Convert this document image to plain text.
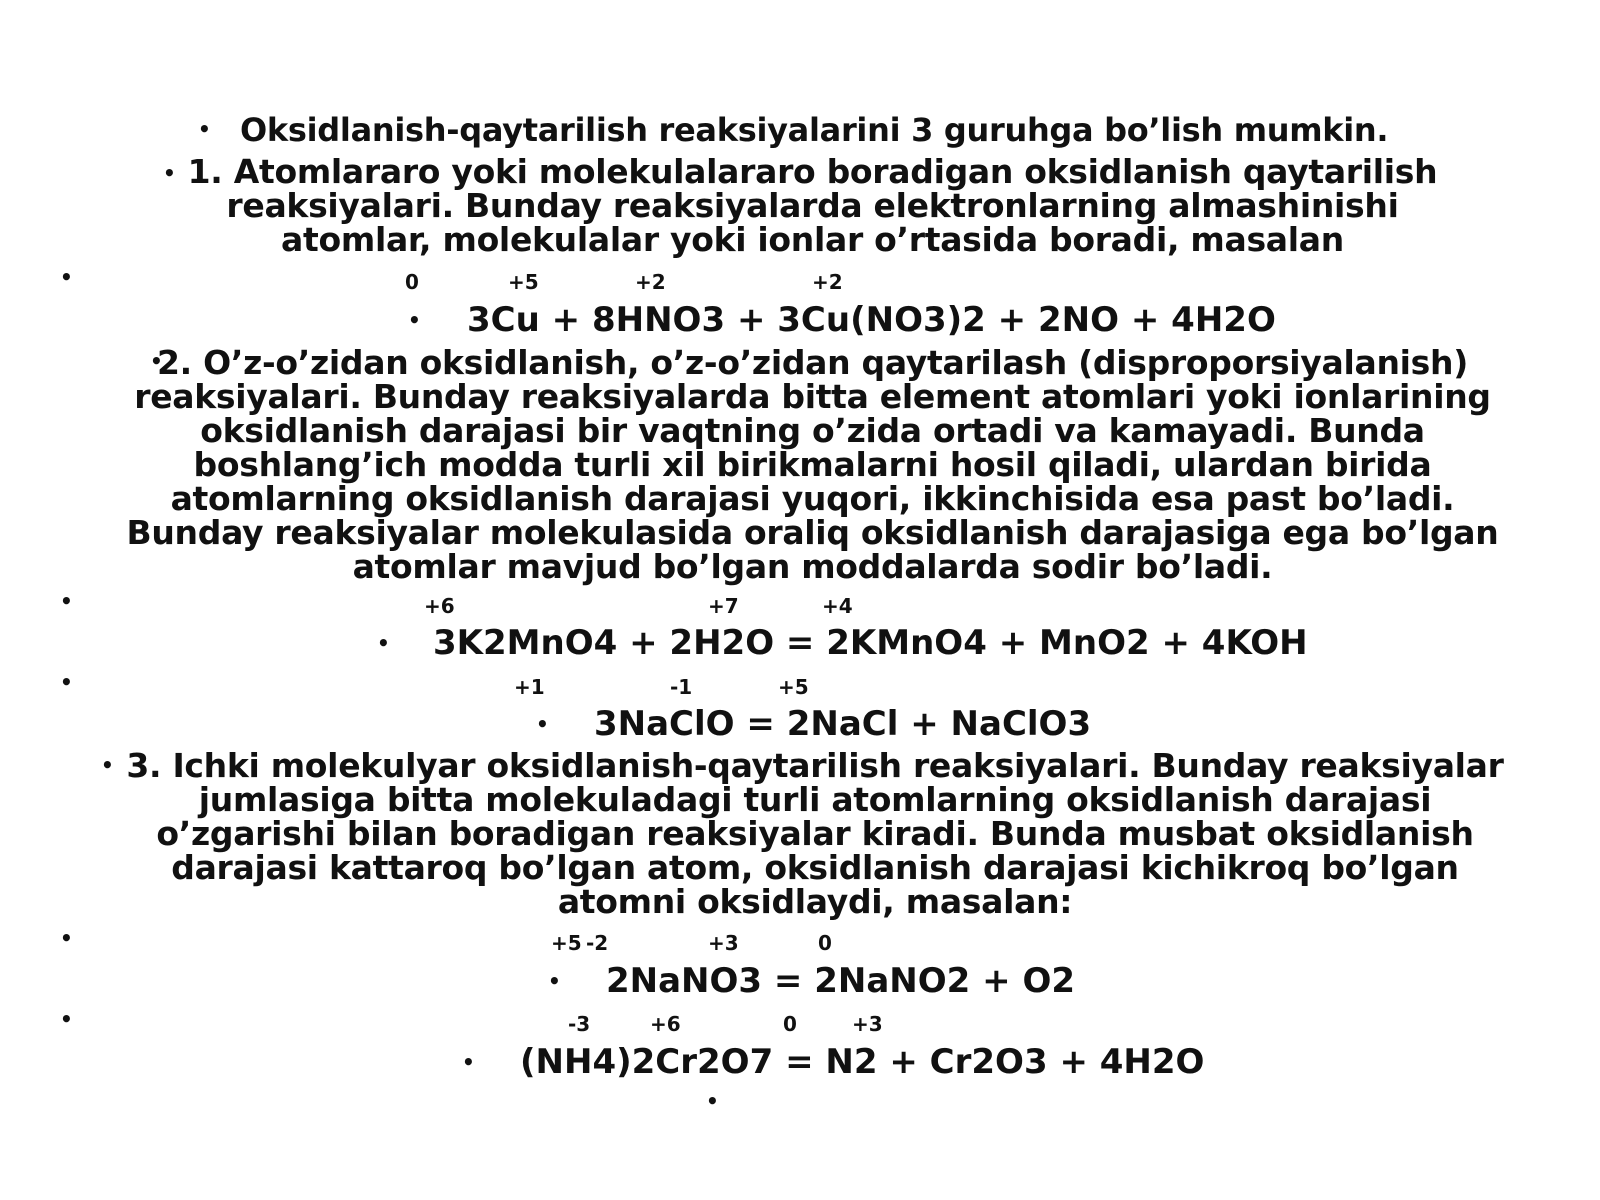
•
Oksidlanish-qaytarilish reaksiyalarini 3 guruhga bo’lish mumkin.
•
1. Atomlararo yoki molekulalararo boradigan oksidlanish qaytarilish reaksiyalari. Bunday reaksiyalarda elektronlarning almashinishi atomlar, molekulalar yoki ionlar o’rtasida boradi, masalan
•
0	+5	+2	+2
•
3Cu + 8HNO3 + 3Cu(NO3)2 + 2NO + 4H2O
•
2. O’z-o’zidan oksidlanish, o’z-o’zidan qaytarilash (disproporsiyalanish) reaksiyalari. Bunday reaksiyalarda bitta element atomlari yoki ionlarining oksidlanish darajasi bir vaqtning o’zida ortadi va kamayadi. Bunda boshlang’ich modda turli xil birikmalarni hosil qiladi, ulardan birida atomlarning oksidlanish darajasi yuqori, ikkinchisida esa past bo’ladi. Bunday reaksiyalar molekulasida oraliq oksidlanish darajasiga ega bo’lgan atomlar mavjud bo’lgan moddalarda sodir bo’ladi.
•
+6	+7	+4
•
3K2MnO4 + 2H2O = 2KMnO4 + MnO2 + 4KOH
•
+1	-1	+5
•
3NaClO = 2NaCl + NaClO3
•
3. Ichki molekulyar oksidlanish-qaytarilish reaksiyalari. Bunday reaksiyalar jumlasiga bitta molekuladagi turli atomlarning oksidlanish darajasi o’zgarishi bilan boradigan reaksiyalar kiradi. Bunda musbat oksidlanish darajasi kattaroq bo’lgan atom, oksidlanish darajasi kichikroq bo’lgan atomni oksidlaydi, masalan:
•
+5 -2	+3	0
•
2NaNO3 = 2NaNO2 + O2
•
-3	+6	0	+3
•
(NH4)2Cr2O7 = N2 + Cr2O3 + 4H2O
•
